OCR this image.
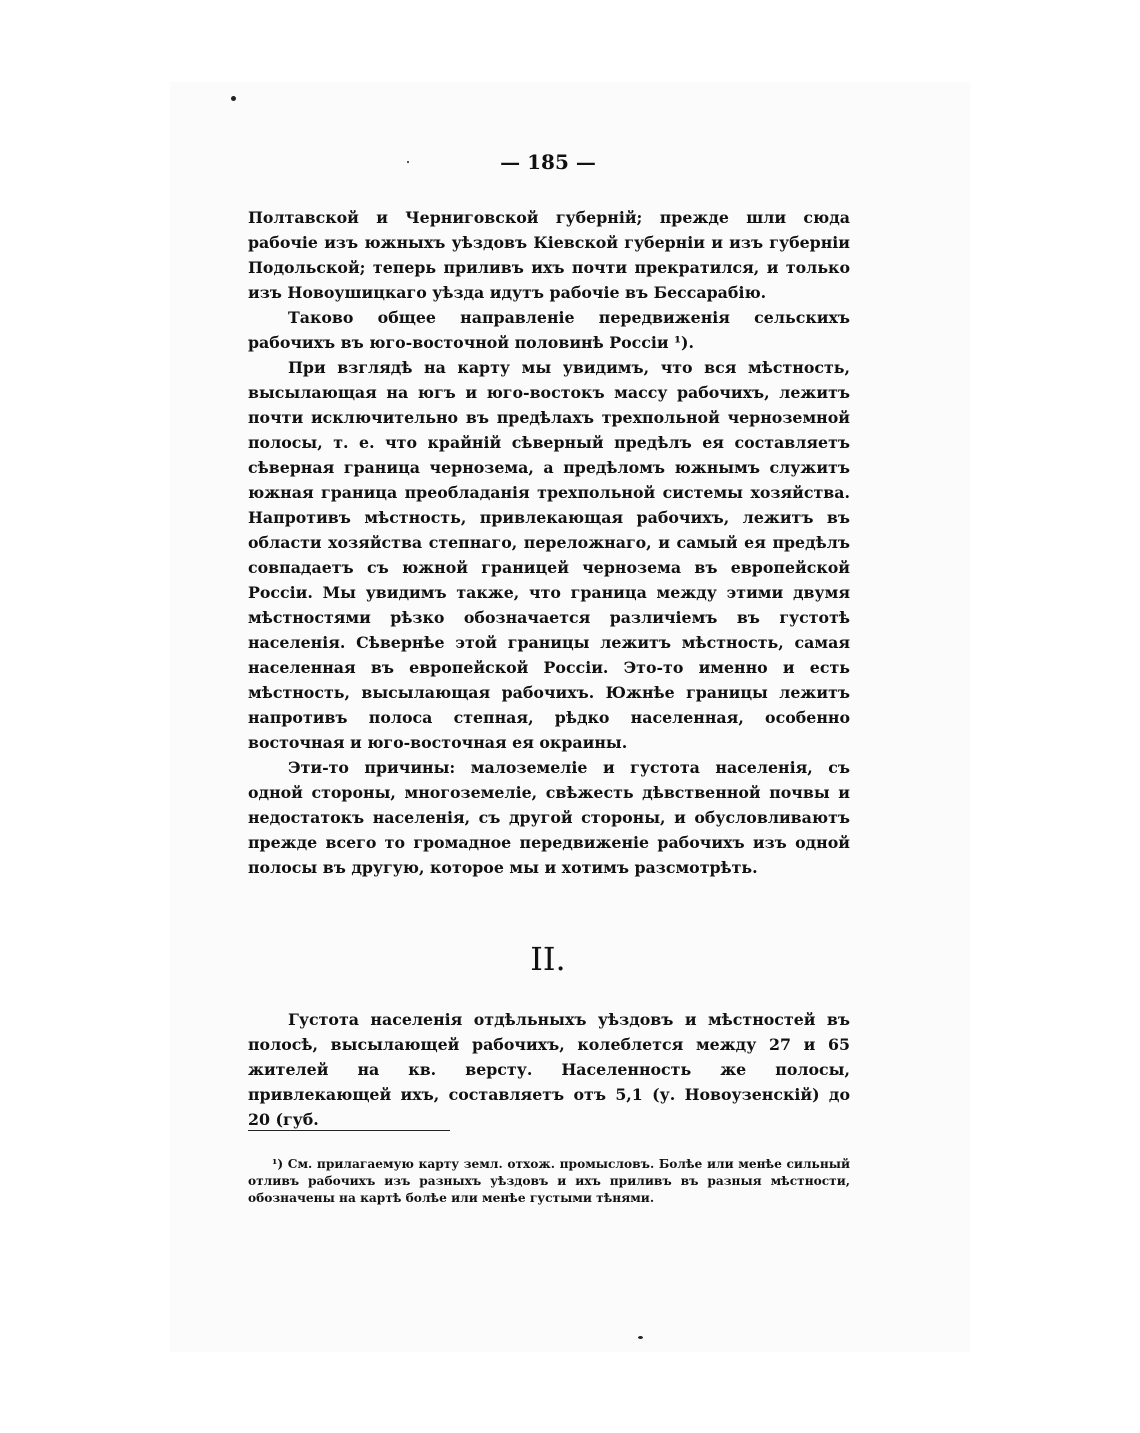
— 185 —

Полтавской и Черниговской губерній; прежде шли сюда рабочіе изъ южныхъ уѣздовъ Кіевской губерніи и изъ губерніи Подольской; теперь приливъ ихъ почти прекратился, и только изъ Новоушицкаго уѣзда идутъ рабочіе въ Бессарабію.

Таково общее направленіе передвиженія сельскихъ рабочихъ въ юго-восточной половинѣ Россіи ¹).

При взглядѣ на карту мы увидимъ, что вся мѣстность, высылающая на югъ и юго-востокъ массу рабочихъ, лежитъ почти исключительно въ предѣлахъ трехпольной черноземной полосы, т. е. что крайній сѣверный предѣлъ ея составляетъ сѣверная граница чернозема, а предѣломъ южнымъ служитъ южная граница преобладанія трехпольной системы хозяйства. Напротивъ мѣстность, привлекающая рабочихъ, лежитъ въ области хозяйства степнаго, переложнаго, и самый ея предѣлъ совпадаетъ съ южной границей чернозема въ европейской Россіи. Мы увидимъ также, что граница между этими двумя мѣстностями рѣзко обозначается различіемъ въ густотѣ населенія. Сѣвернѣе этой границы лежитъ мѣстность, самая населенная въ европейской Россіи. Это-то именно и есть мѣстность, высылающая рабочихъ. Южнѣе границы лежитъ напротивъ полоса степная, рѣдко населенная, особенно восточная и юго-восточная ея окраины.

Эти-то причины: малоземеліе и густота населенія, съ одной стороны, многоземеліе, свѣжесть дѣвственной почвы и недостатокъ населенія, съ другой стороны, и обусловливаютъ прежде всего то громадное передвиженіе рабочихъ изъ одной полосы въ другую, которое мы и хотимъ разсмотрѣть.

II.

Густота населенія отдѣльныхъ уѣздовъ и мѣстностей въ полосѣ, высылающей рабочихъ, колеблется между 27 и 65 жителей на кв. версту. Населенность же полосы, привлекающей ихъ, составляетъ отъ 5,1 (у. Новоузенскій) до 20 (губ.

¹) См. прилагаемую карту земл. отхож. промысловъ. Болѣе или менѣе сильный отливъ рабочихъ изъ разныхъ уѣздовъ и ихъ приливъ въ разныя мѣстности, обозначены на картѣ болѣе или менѣе густыми тѣнями.
